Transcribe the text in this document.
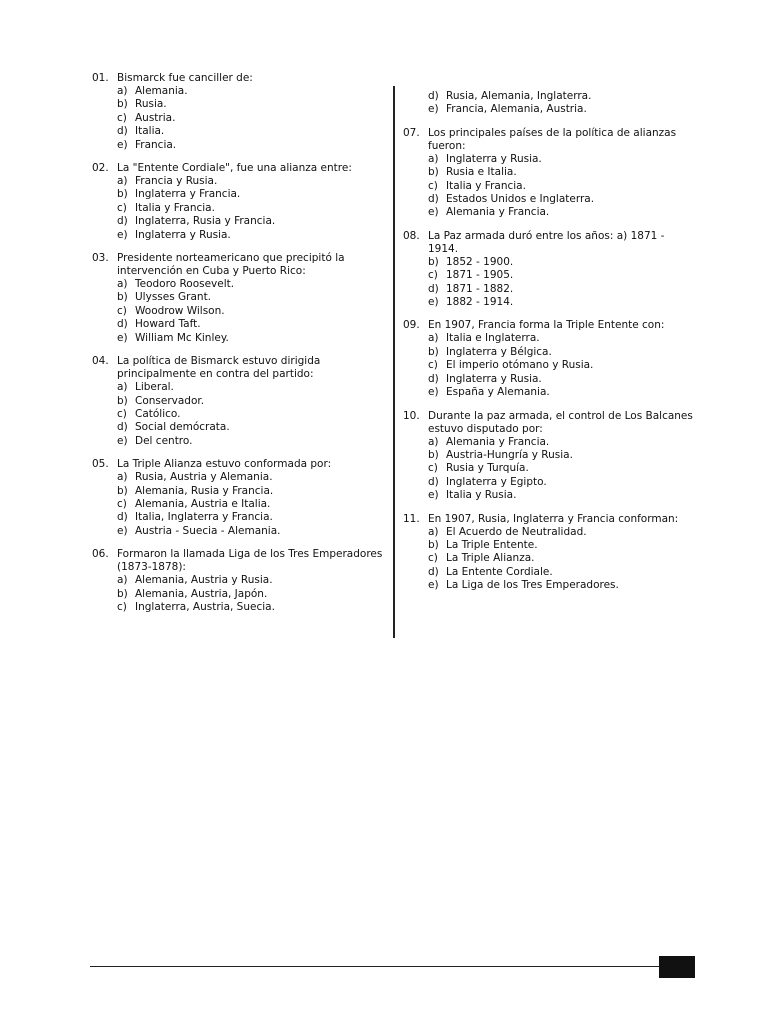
01. Bismarck fue canciller de:
a) Alemania.
b) Rusia.
c) Austria.
d) Italia.
e) Francia.
02. La "Entente Cordiale", fue una alianza entre:
a) Francia y Rusia.
b) Inglaterra y Francia.
c) Italia y Francia.
d) Inglaterra, Rusia y Francia.
e) Inglaterra y Rusia.
03. Presidente norteamericano que precipitó la intervención en Cuba y Puerto Rico:
a) Teodoro Roosevelt.
b) Ulysses Grant.
c) Woodrow Wilson.
d) Howard Taft.
e) William Mc Kinley.
04. La política de Bismarck estuvo dirigida principalmente en contra del partido:
a) Liberal.
b) Conservador.
c) Católico.
d) Social demócrata.
e) Del centro.
05. La Triple Alianza estuvo conformada por:
a) Rusia, Austria y Alemania.
b) Alemania, Rusia y Francia.
c) Alemania, Austria e Italia.
d) Italia, Inglaterra y Francia.
e) Austria - Suecia - Alemania.
06. Formaron la llamada Liga de los Tres Emperadores (1873-1878):
a) Alemania, Austria y Rusia.
b) Alemania, Austria, Japón.
c) Inglaterra, Austria, Suecia.
d) Rusia, Alemania, Inglaterra.
e) Francia, Alemania, Austria.
07. Los principales países de la política de alianzas fueron:
a) Inglaterra y Rusia.
b) Rusia e Italia.
c) Italia y Francia.
d) Estados Unidos e Inglaterra.
e) Alemania y Francia.
08. La Paz armada duró entre los años: a) 1871 - 1914.
b) 1852 - 1900.
c) 1871 - 1905.
d) 1871 - 1882.
e) 1882 - 1914.
09. En 1907, Francia forma la Triple Entente con:
a) Italia e Inglaterra.
b) Inglaterra y Bélgica.
c) El imperio otómano y Rusia.
d) Inglaterra y Rusia.
e) España y Alemania.
10. Durante la paz armada, el control de Los Balcanes estuvo disputado por:
a) Alemania y Francia.
b) Austria-Hungría y Rusia.
c) Rusia y Turquía.
d) Inglaterra y Egipto.
e) Italia y Rusia.
11. En 1907, Rusia, Inglaterra y Francia conforman:
a) El Acuerdo de Neutralidad.
b) La Triple Entente.
c) La Triple Alianza.
d) La Entente Cordiale.
e) La Liga de los Tres Emperadores.
